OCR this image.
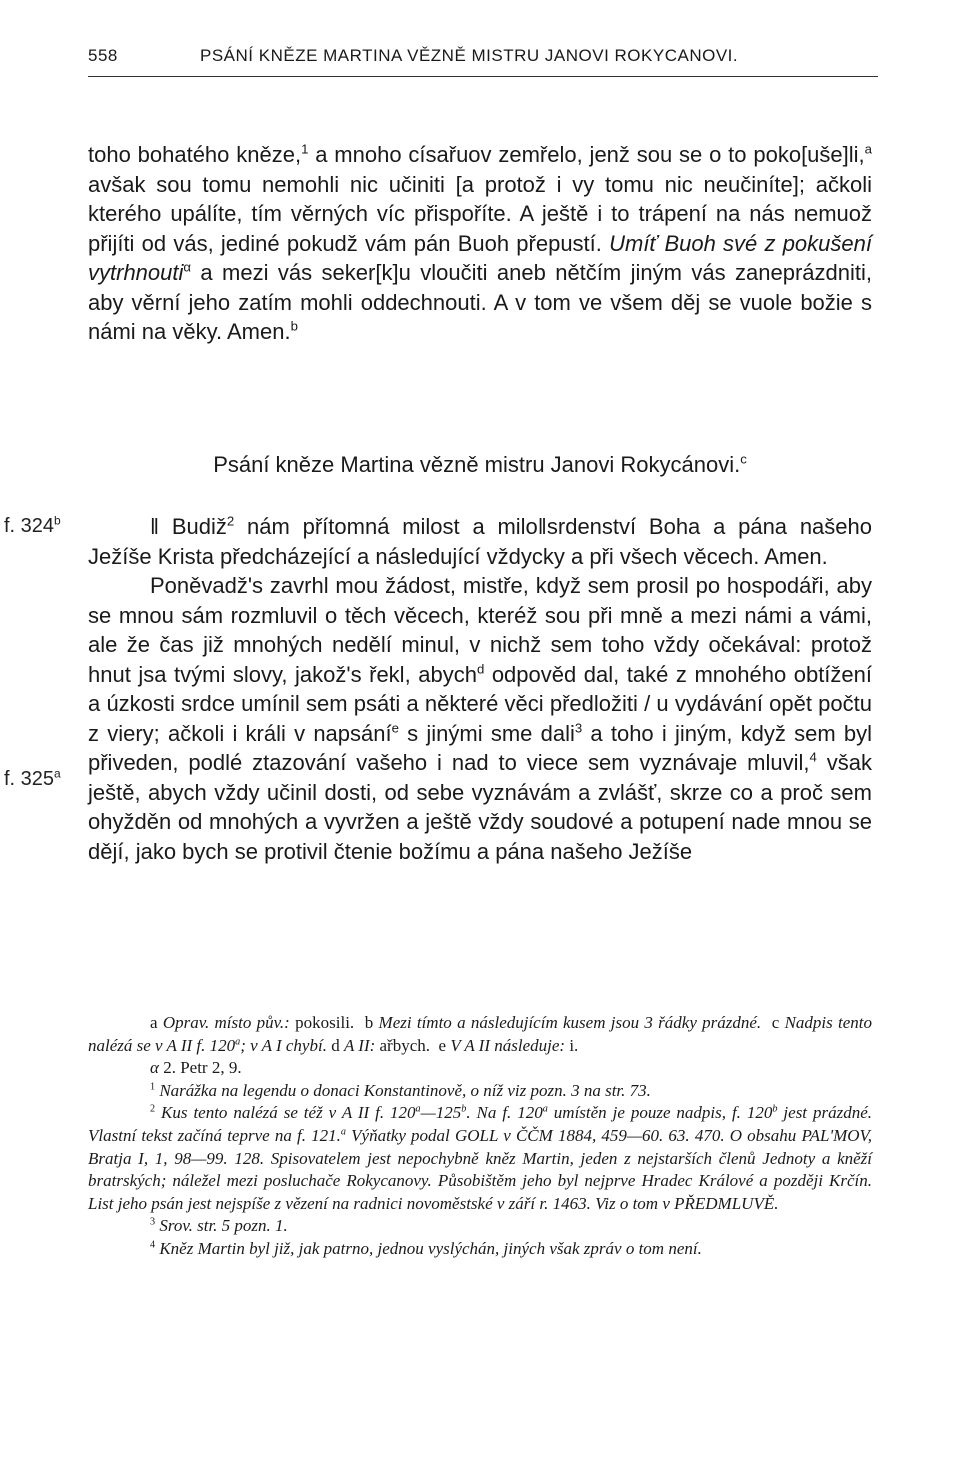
558	PSÁNÍ KNĚZE MARTINA VĚZNĚ MISTRU JANOVI ROKYCANOVI.

toho bohatého kněze,$^1$ a mnoho císařuov zemřelo, jenž sou se o to poko[uše]li,$^a$ avšak sou tomu nemohli nic učiniti [a protož i vy tomu nic neučiníte]; ačkoli kterého upálíte, tím věrných víc přispoříte. A ještě i to trápení na nás nemuož přijíti od vás, jediné pokudž vám pán Buoh přepustí. Umíť Buoh své z pokušení vytrhnouti$^\alpha$ a mezi vás seker[k]u vloučiti aneb nětčím jiným vás zaneprázdniti, aby věrní jeho zatím mohli oddechnouti. A v tom ve všem děj se vuole božie s námi na věky. Amen.$^b$

Psání kněze Martina vězně mistru Janovi Rokycánovi.$^c$
f. 324$^b$
f. 325$^a$

‖ Budiž$^2$ nám přítomná milost a milo‖srdenství Boha a pána našeho Ježíše Krista předcházející a následující vždycky a při všech věcech. Amen.

Poněvadž's zavrhl mou žádost, mistře, když sem prosil po hospodáři, aby se mnou sám rozmluvil o těch věcech, kteréž sou při mně a mezi námi a vámi, ale že čas již mnohých nedělí minul, v nichž sem toho vždy očekával: protož hnut jsa tvými slovy, jakož's řekl, abych$^d$ odpověd dal, také z mnohého obtížení a úzkosti srdce umínil sem psáti a některé věci předložiti / u vydávání opět počtu z viery; ačkoli i králi v napsání$^e$ s jinými sme dali$^3$ a toho i jiným, když sem byl přiveden, podlé ztazování vašeho i nad to viece sem vyznávaje mluvil,$^4$ však ještě, abych vždy učinil dosti, od sebe vyznávám a zvlášť, skrze co a proč sem ohyžděn od mnohých a vyvržen a ještě vždy soudové a potupení nade mnou se dějí, jako bych se protivil čtenie božímu a pána našeho Ježíše

a Oprav. místo pův.: pokosili. b Mezi tímto a následujícím kusem jsou 3 řádky prázdné. c Nadpis tento nalézá se v A II f. 120$^a$; v A I chybí. d A II: ařbych. e V A II následuje: i.

α 2. Petr 2, 9.

$^1$ Narážka na legendu o donaci Konstantinově, o níž viz pozn. 3 na str. 73.

$^2$ Kus tento nalézá se též v A II f. 120$^a$—125$^b$. Na f. 120$^a$ umístěn je pouze nadpis, f. 120$^b$ jest prázdné. Vlastní tekst začíná teprve na f. 121.$^a$ Výňatky podal GOLL v ČČM 1884, 459—60. 63. 470. O obsahu PAL'MOV, Bratja I, 1, 98—99. 128. Spisovatelem jest nepochybně kněz Martin, jeden z nejstarších členů Jednoty a kněží bratrských; náležel mezi posluchače Rokycanovy. Působištěm jeho byl nejprve Hradec Králové a později Krčín. List jeho psán jest nejspíše z vězení na radnici novoměstské v září r. 1463. Viz o tom v PŘEDMLUVĚ.

$^3$ Srov. str. 5 pozn. 1.

$^4$ Kněz Martin byl již, jak patrno, jednou vyslýchán, jiných však zpráv o tom není.
